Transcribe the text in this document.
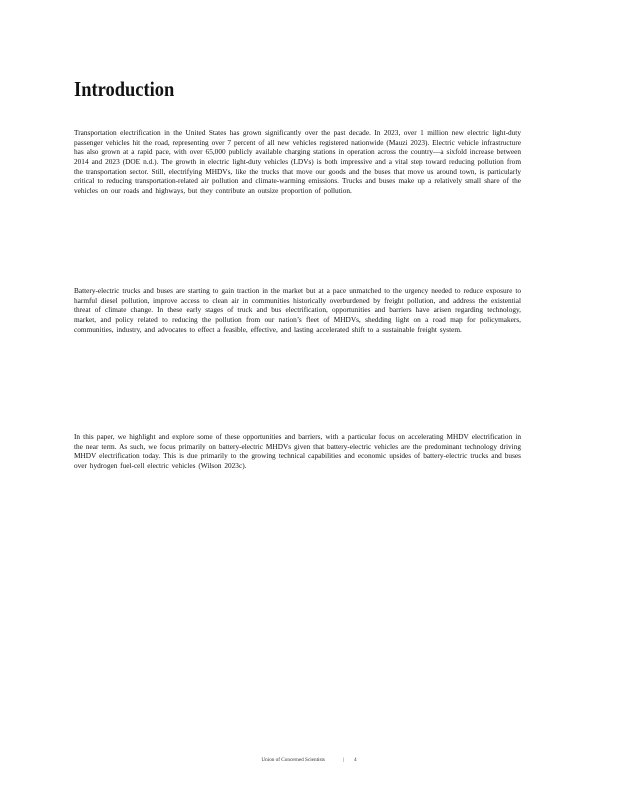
Introduction

Transportation electrification in the United States has grown significantly over the past decade. In 2023, over 1 million new electric light-duty passenger vehicles hit the road, representing over 7 percent of all new vehicles registered nationwide (Mauzi 2023). Electric vehicle infrastructure has also grown at a rapid pace, with over 65,000 publicly available charging stations in operation across the country—a sixfold increase between 2014 and 2023 (DOE n.d.). The growth in electric light-duty vehicles (LDVs) is both impressive and a vital step toward reducing pollution from the transportation sector. Still, electrifying MHDVs, like the trucks that move our goods and the buses that move us around town, is particularly critical to reducing transportation-related air pollution and climate-warming emissions. Trucks and buses make up a relatively small share of the vehicles on our roads and highways, but they contribute an outsize proportion of pollution.

Battery-electric trucks and buses are starting to gain traction in the market but at a pace unmatched to the urgency needed to reduce exposure to harmful diesel pollution, improve access to clean air in communities historically overburdened by freight pollution, and address the existential threat of climate change. In these early stages of truck and bus electrification, opportunities and barriers have arisen regarding technology, market, and policy related to reducing the pollution from our nation’s fleet of MHDVs, shedding light on a road map for policymakers, communities, industry, and advocates to effect a feasible, effective, and lasting accelerated shift to a sustainable freight system.

In this paper, we highlight and explore some of these opportunities and barriers, with a particular focus on accelerating MHDV electrification in the near term. As such, we focus primarily on battery-electric MHDVs given that battery-electric vehicles are the predominant technology driving MHDV electrification today. This is due primarily to the growing technical capabilities and economic upsides of battery-electric trucks and buses over hydrogen fuel-cell electric vehicles (Wilson 2023c).

Union of Concerned Scientists	| 4
